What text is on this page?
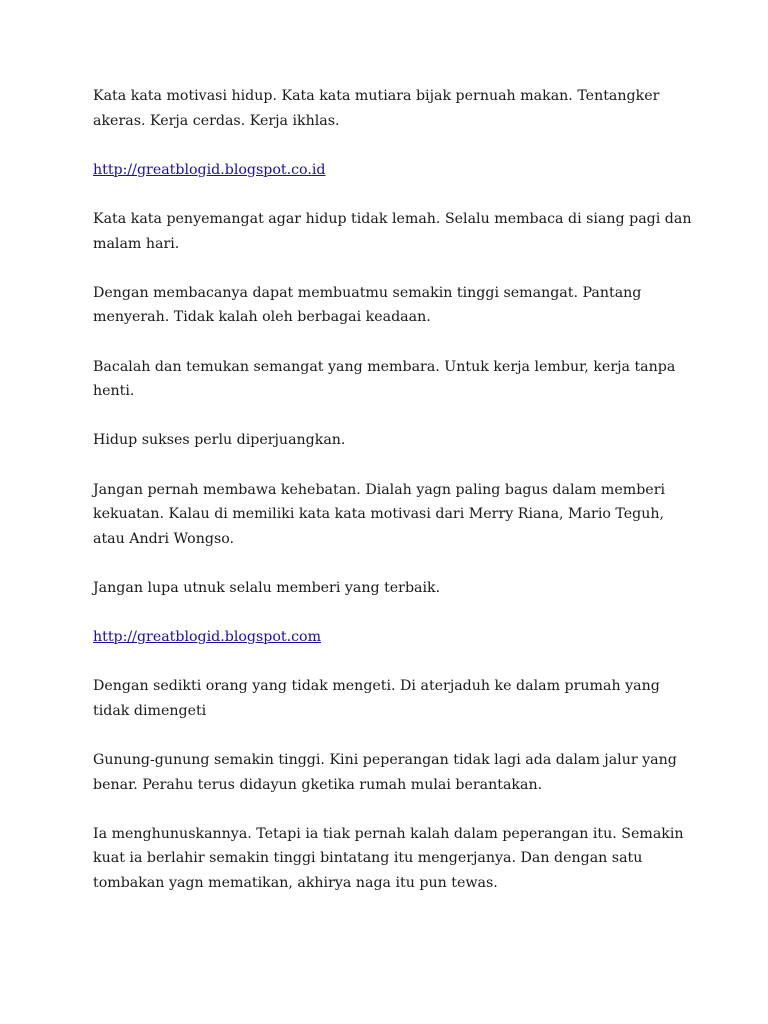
Kata kata motivasi hidup. Kata kata mutiara bijak pernuah makan. Tentangker akeras. Kerja cerdas. Kerja ikhlas.

http://greatblogid.blogspot.co.id

Kata kata penyemangat agar hidup tidak lemah. Selalu membaca di siang pagi dan malam hari.

Dengan membacanya dapat membuatmu semakin tinggi semangat. Pantang menyerah. Tidak kalah oleh berbagai keadaan.

Bacalah dan temukan semangat yang membara. Untuk kerja lembur, kerja tanpa henti.

Hidup sukses perlu diperjuangkan.

Jangan pernah membawa kehebatan. Dialah yagn paling bagus dalam memberi kekuatan. Kalau di memiliki kata kata motivasi dari Merry Riana, Mario Teguh, atau Andri Wongso.

Jangan lupa utnuk selalu memberi yang terbaik.

http://greatblogid.blogspot.com

Dengan sedikti orang yang tidak mengeti. Di aterjaduh ke dalam prumah yang tidak dimengeti

Gunung-gunung semakin tinggi. Kini peperangan tidak lagi ada dalam jalur yang benar. Perahu terus didayun gketika rumah mulai berantakan.

Ia menghunuskannya. Tetapi ia tiak pernah kalah dalam peperangan itu. Semakin kuat ia berlahir semakin tinggi bintatang itu mengerjanya. Dan dengan satu tombakan yagn mematikan, akhirya naga itu pun tewas.
